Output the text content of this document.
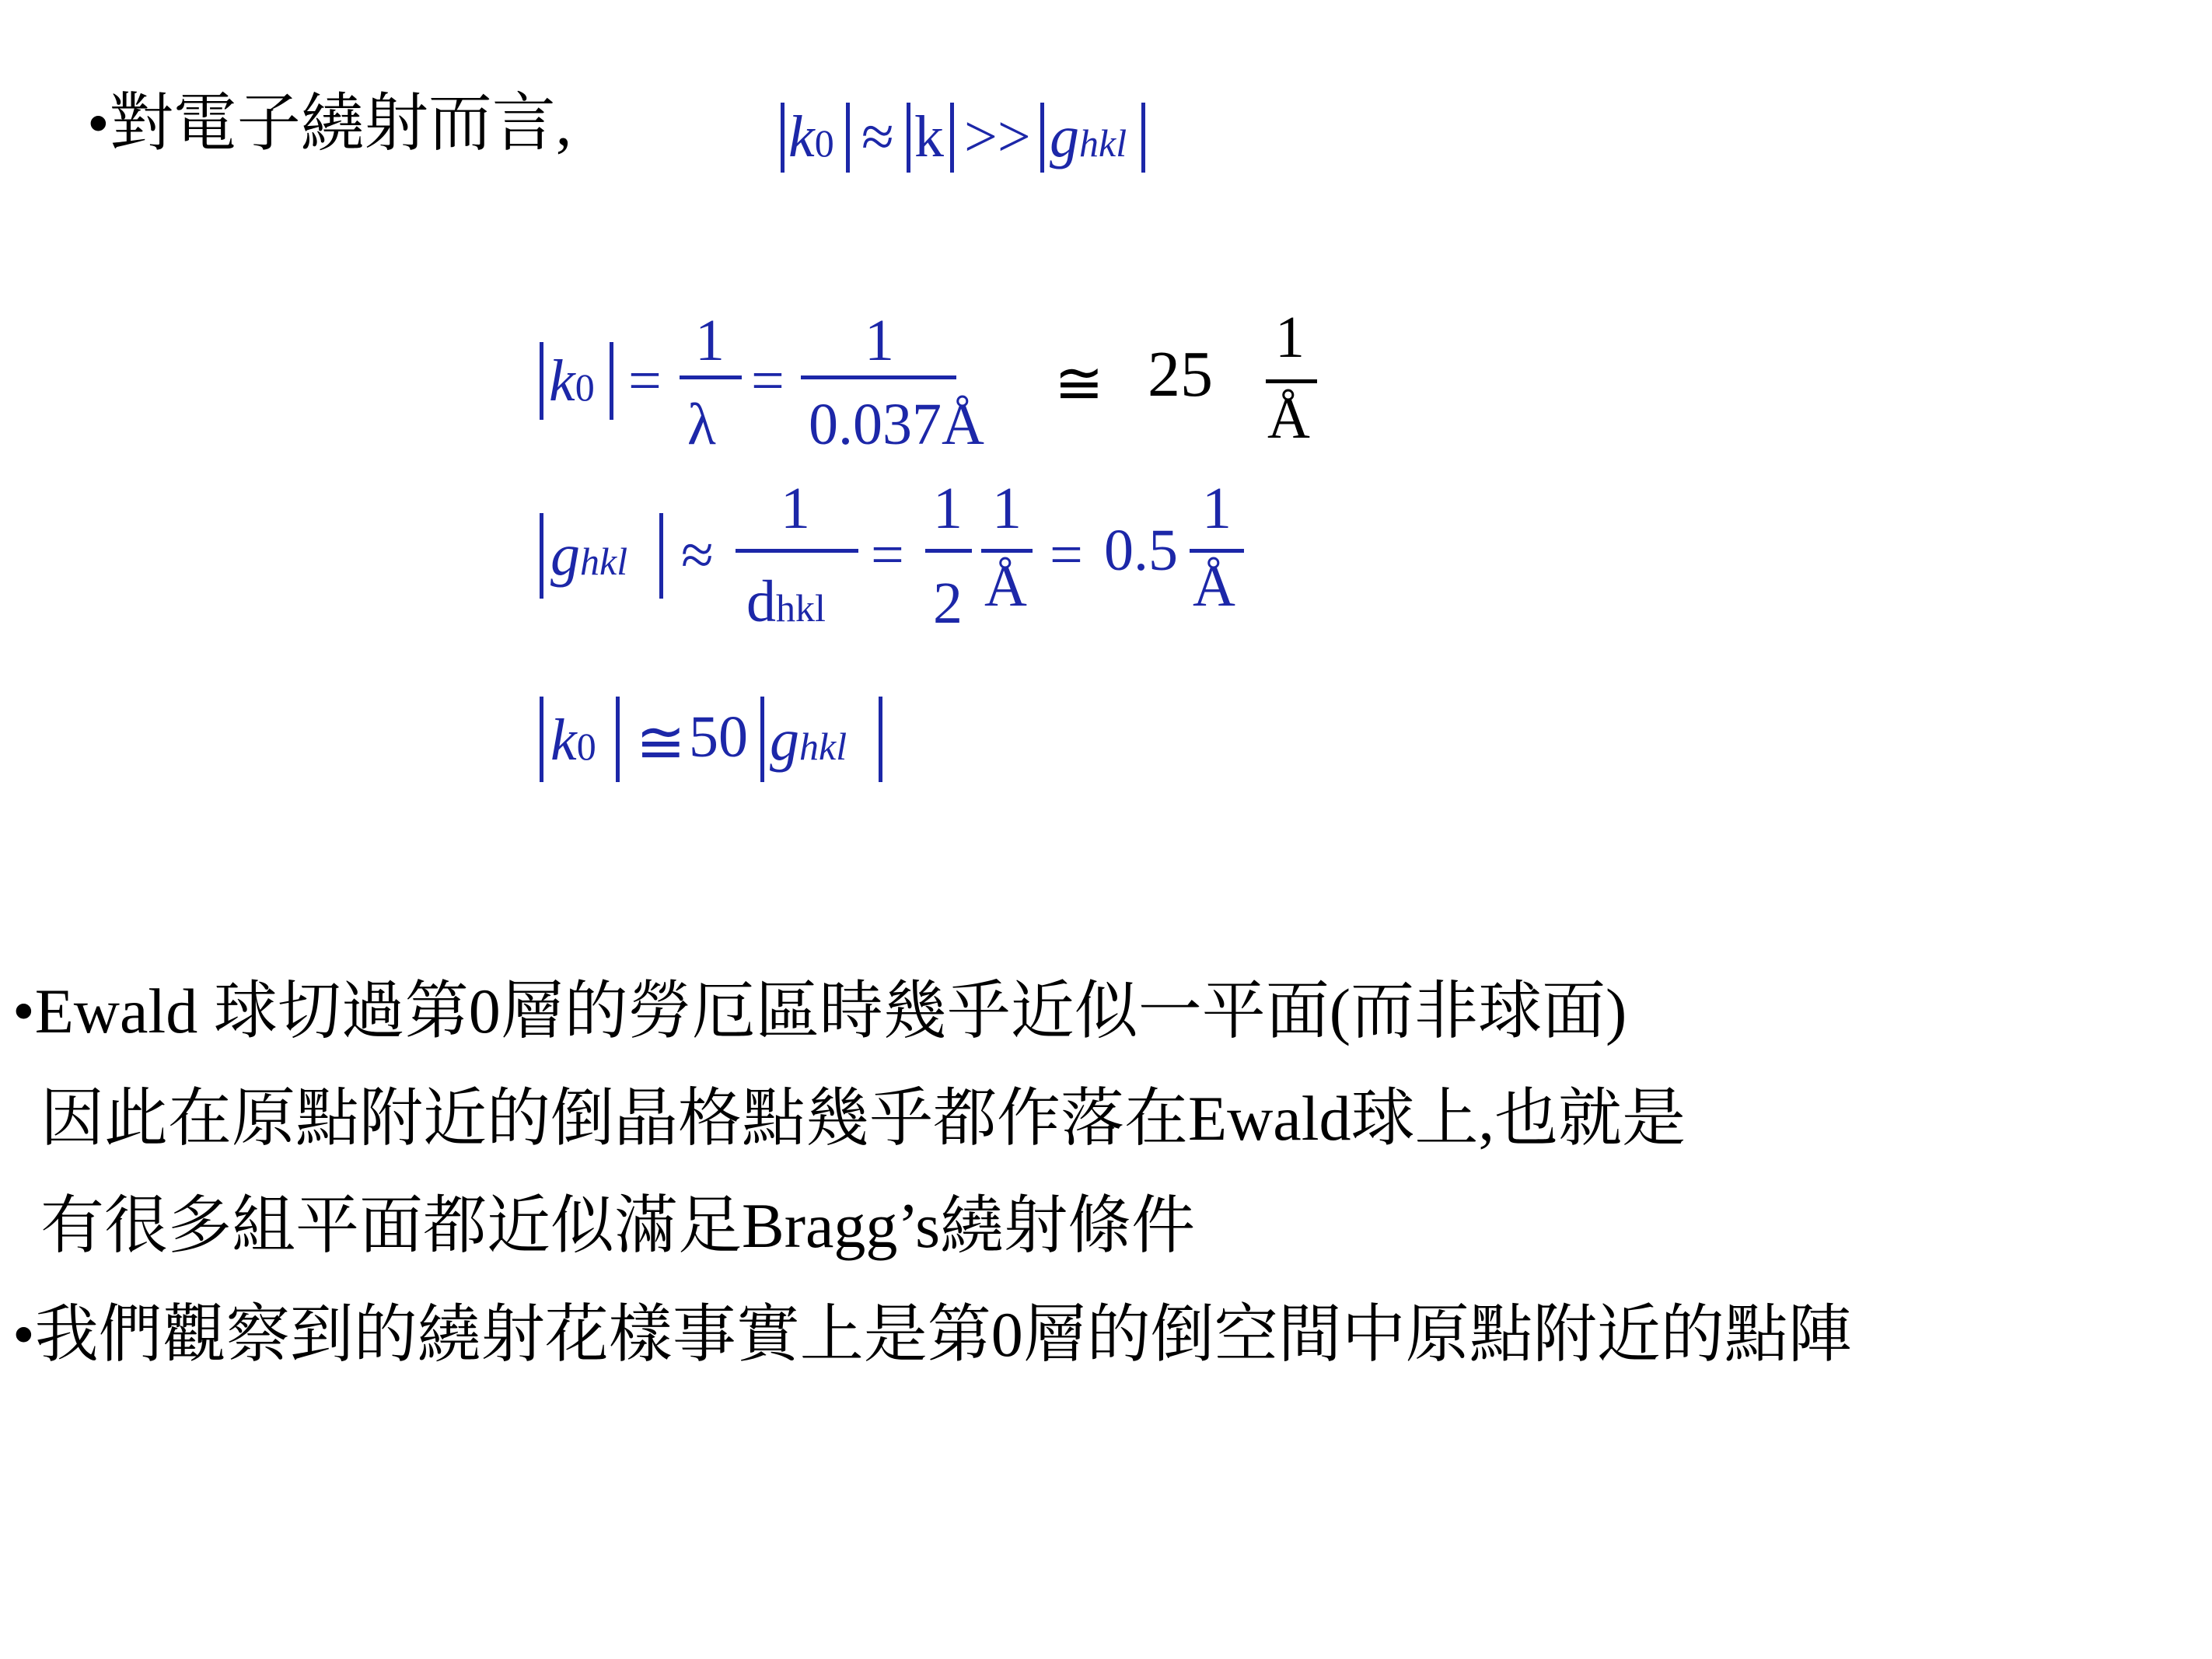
•對電子繞射而言,	k0 ≈ k >> ghkl
k0 =
1
λ
=
1
0.037Å
≅ 25
1
Å
ghkl ≈
1
dhkl
=
1
2
1
Å = 0.5
1
Å
k0 ≅ 50 ghkl
•Ewald 球切過第0層的勞厄區時幾乎近似一平面(而非球面)
因此在原點附近的倒晶格點幾乎都作落在Ewald球上,也就是
有很多組平面都近似滿足Bragg’s繞射條件
•我們觀察到的繞射花樣事實上是第0層的倒空間中原點附近的點陣
